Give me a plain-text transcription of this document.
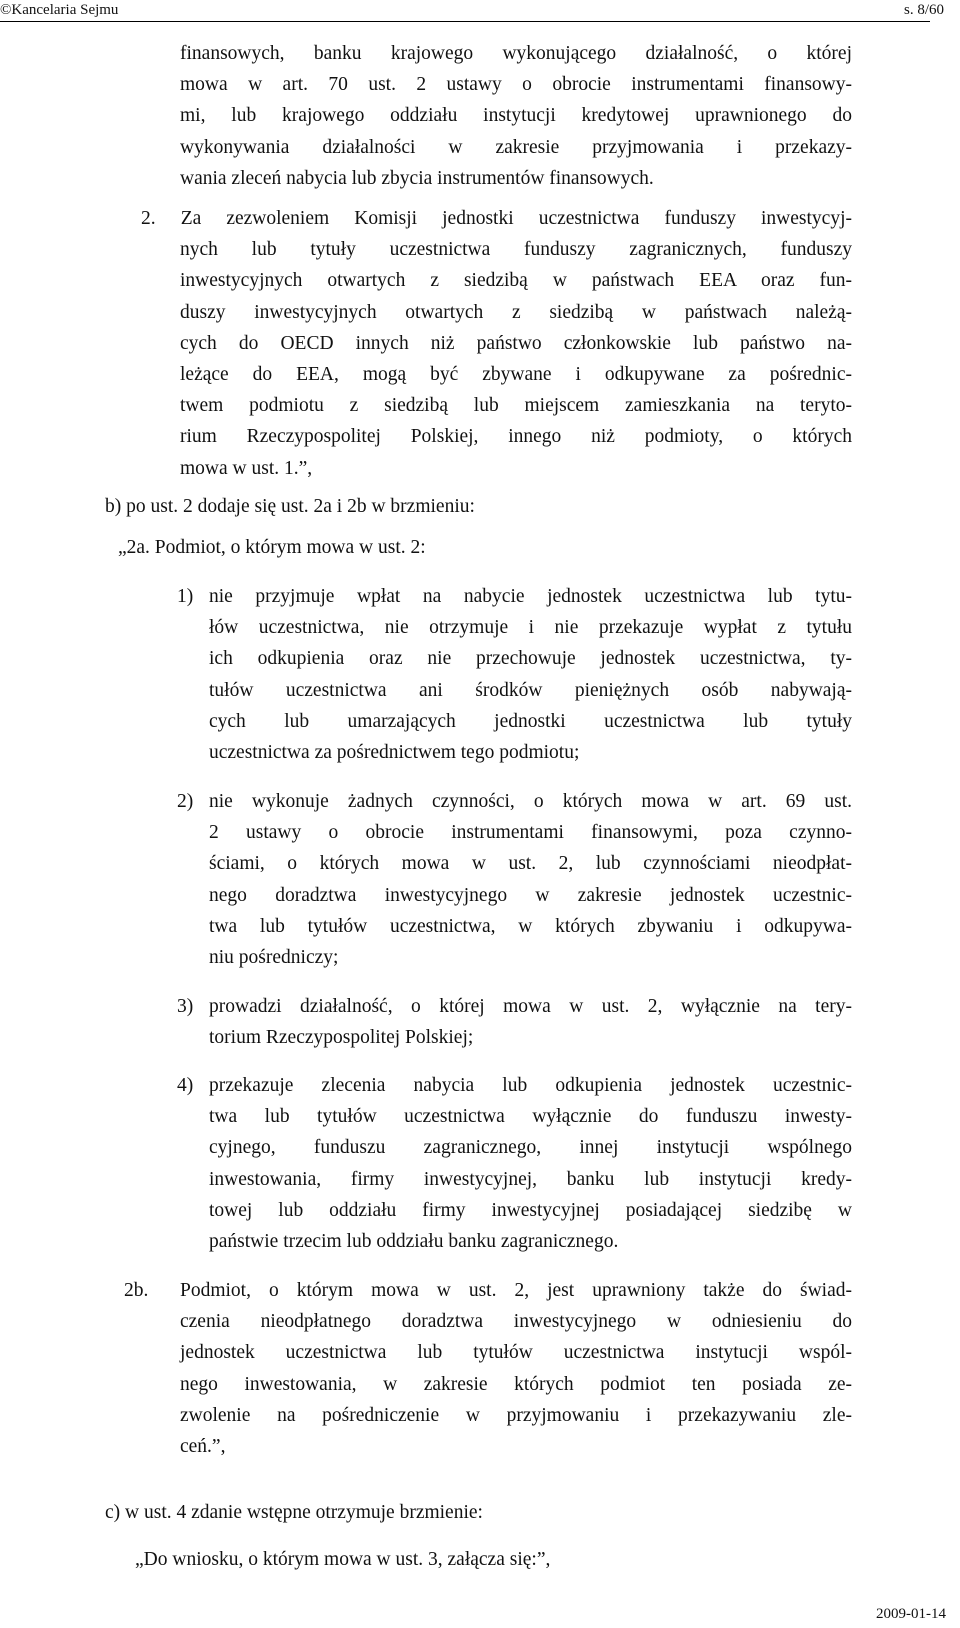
©Kancelaria Sejmu	s. 8/60
finansowych, banku krajowego wykonującego działalność, o której
mowa w art. 70 ust. 2 ustawy o obrocie instrumentami finansowy-
mi, lub krajowego oddziału instytucji kredytowej uprawnionego do
wykonywania działalności w zakresie przyjmowania i przekazy-
wania zleceń nabycia lub zbycia instrumentów finansowych.
2. Za zezwoleniem Komisji jednostki uczestnictwa funduszy inwestycyj-
nych lub tytuły uczestnictwa funduszy zagranicznych, funduszy
inwestycyjnych otwartych z siedzibą w państwach EEA oraz fun-
duszy inwestycyjnych otwartych z siedzibą w państwach należą-
cych do OECD innych niż państwo członkowskie lub państwo na-
leżące do EEA, mogą być zbywane i odkupywane za pośrednic-
twem podmiotu z siedzibą lub miejscem zamieszkania na teryto-
rium Rzeczypospolitej Polskiej, innego niż podmioty, o których
mowa w ust. 1.”,
b) po ust. 2 dodaje się ust. 2a i 2b w brzmieniu:
„2a. Podmiot, o którym mowa w ust. 2:
1) nie przyjmuje wpłat na nabycie jednostek uczestnictwa lub tytu-
łów uczestnictwa, nie otrzymuje i nie przekazuje wypłat z tytułu
ich odkupienia oraz nie przechowuje jednostek uczestnictwa, ty-
tułów uczestnictwa ani środków pieniężnych osób nabywają-
cych lub umarzających jednostki uczestnictwa lub tytuły
uczestnictwa za pośrednictwem tego podmiotu;
2) nie wykonuje żadnych czynności, o których mowa w art. 69 ust.
2 ustawy o obrocie instrumentami finansowymi, poza czynno-
ściami, o których mowa w ust. 2, lub czynnościami nieodpłat-
nego doradztwa inwestycyjnego w zakresie jednostek uczestnic-
twa lub tytułów uczestnictwa, w których zbywaniu i odkupywa-
niu pośredniczy;
3) prowadzi działalność, o której mowa w ust. 2, wyłącznie na tery-
torium Rzeczypospolitej Polskiej;
4) przekazuje zlecenia nabycia lub odkupienia jednostek uczestnic-
twa lub tytułów uczestnictwa wyłącznie do funduszu inwesty-
cyjnego, funduszu zagranicznego, innej instytucji wspólnego
inwestowania, firmy inwestycyjnej, banku lub instytucji kredy-
towej lub oddziału firmy inwestycyjnej posiadającej siedzibę w
państwie trzecim lub oddziału banku zagranicznego.
2b. Podmiot, o którym mowa w ust. 2, jest uprawniony także do świad-
czenia nieodpłatnego doradztwa inwestycyjnego w odniesieniu do
jednostek uczestnictwa lub tytułów uczestnictwa instytucji wspól-
nego inwestowania, w zakresie których podmiot ten posiada ze-
zwolenie na pośredniczenie w przyjmowaniu i przekazywaniu zle-
ceń.”,
c) w ust. 4 zdanie wstępne otrzymuje brzmienie:
„Do wniosku, o którym mowa w ust. 3, załącza się:”,
2009-01-14
